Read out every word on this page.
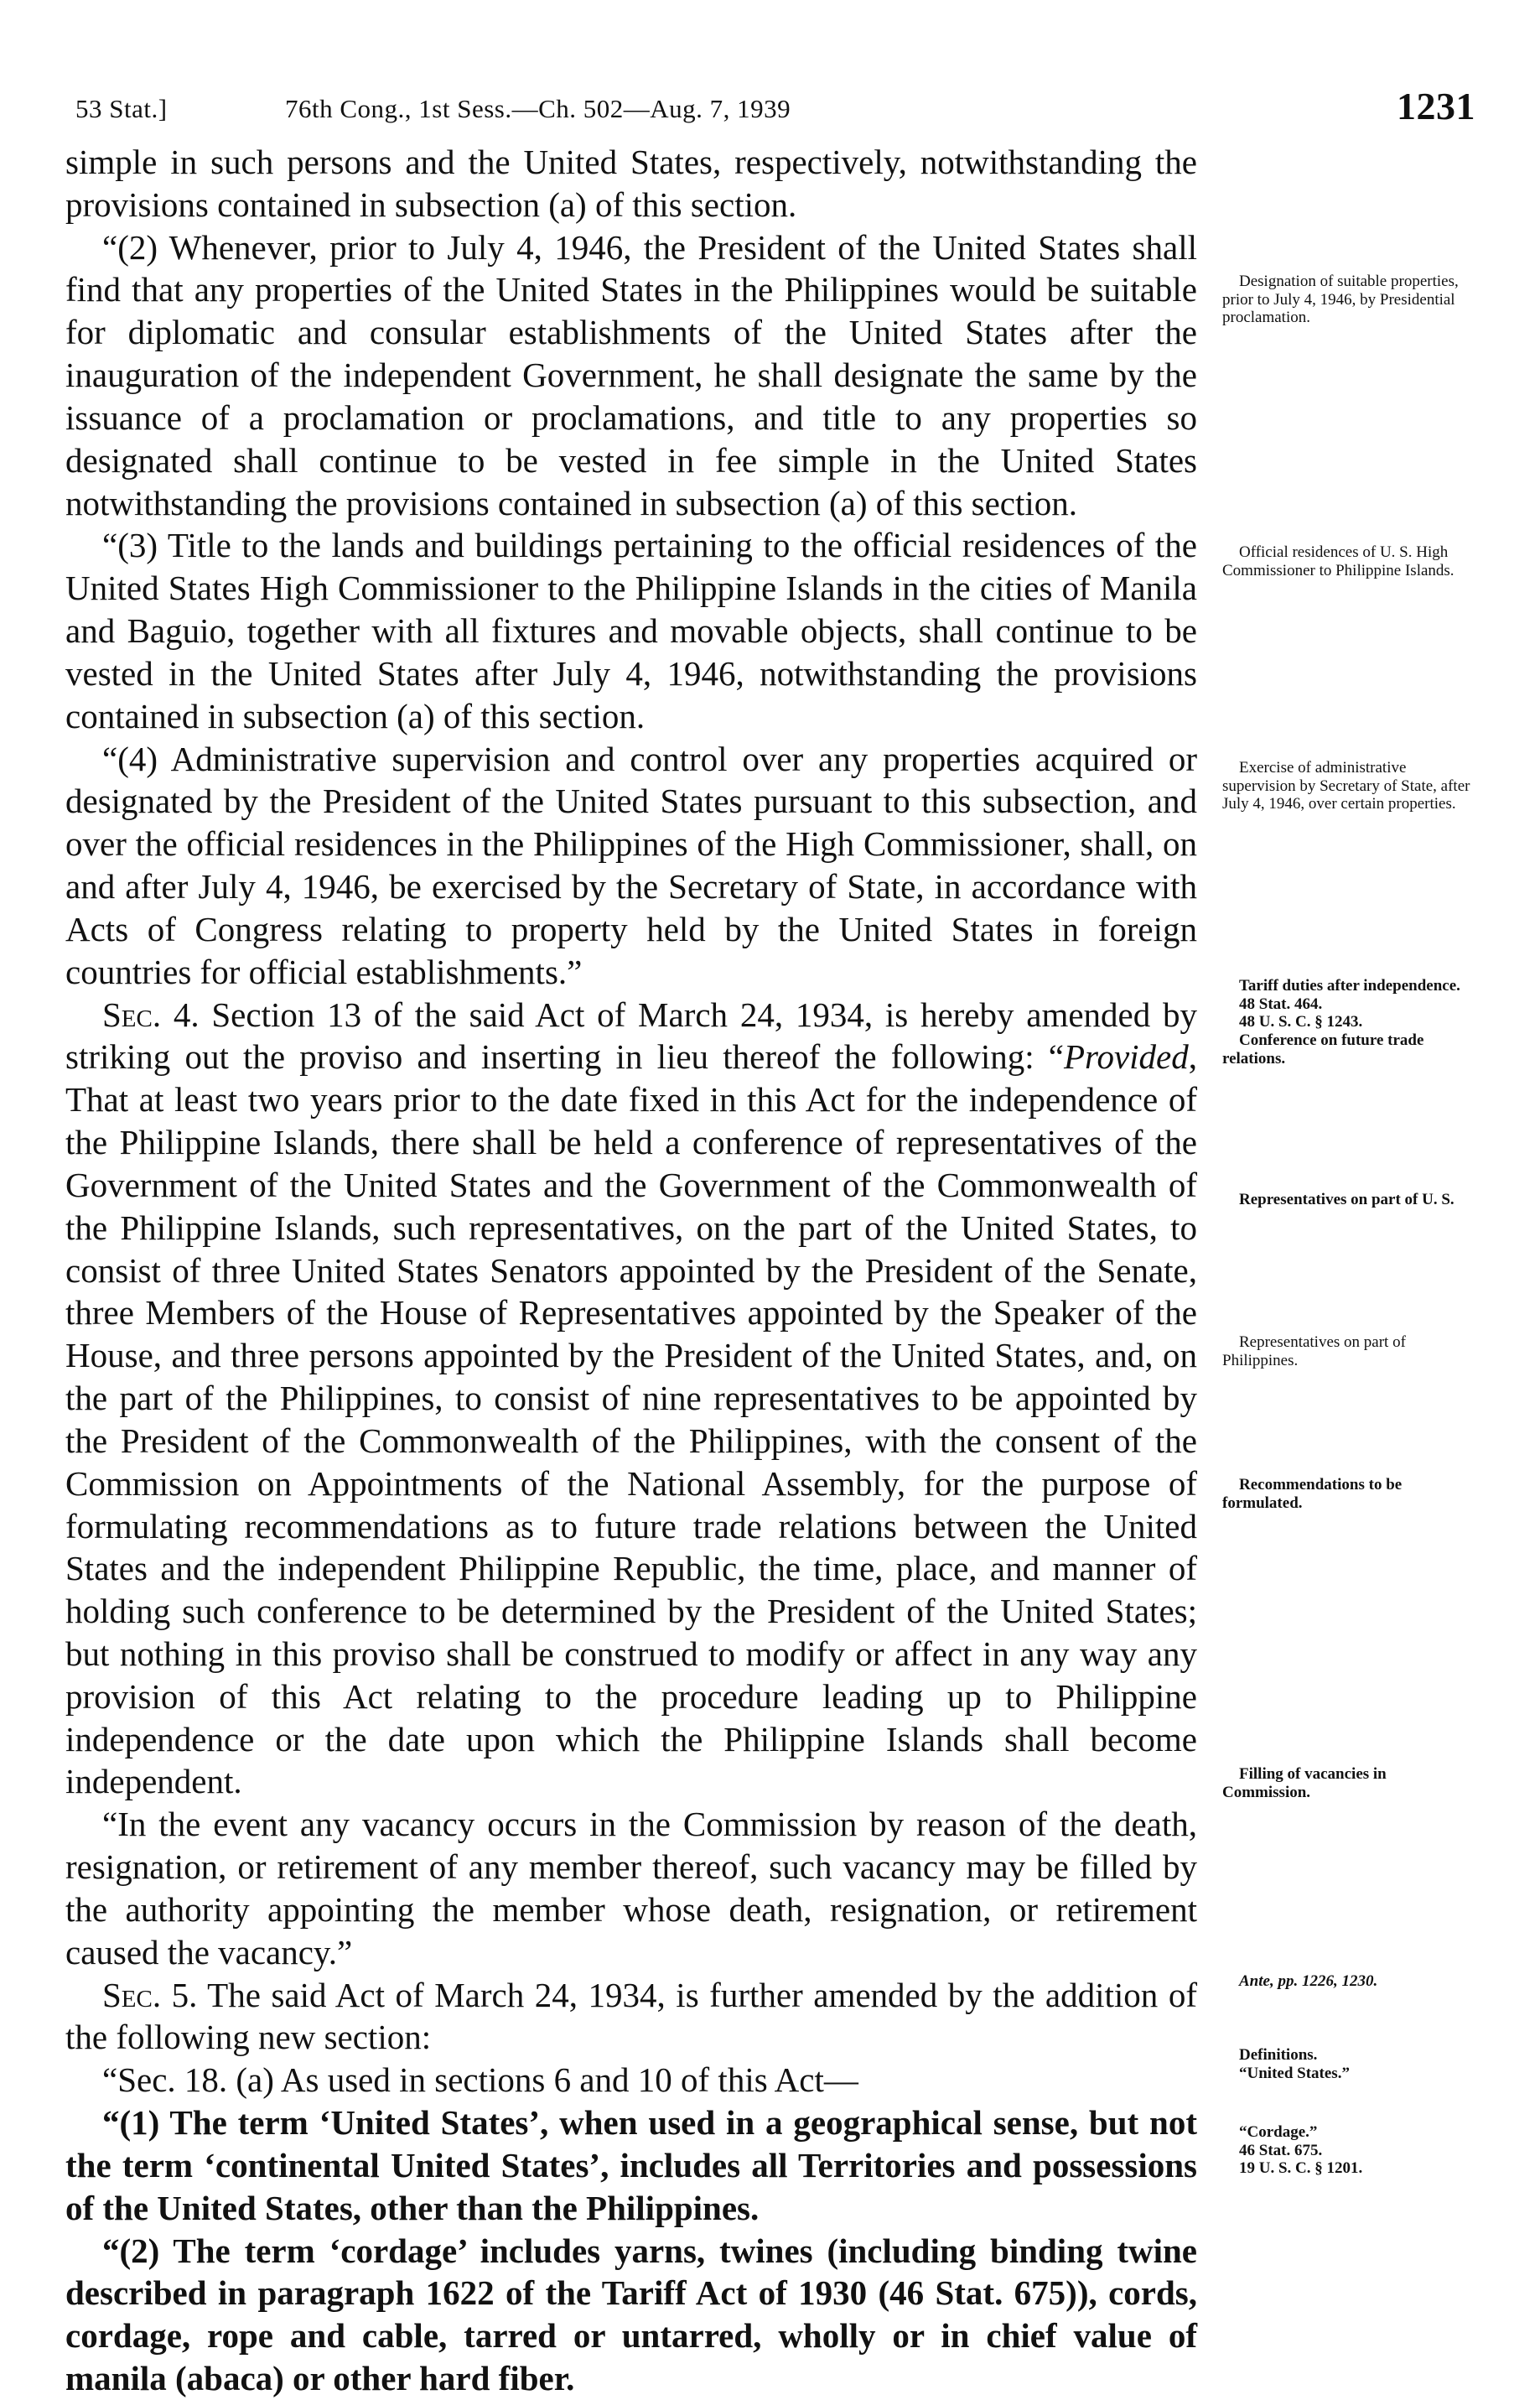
53 Stat.]	76th Cong., 1st Sess.—Ch. 502—Aug. 7, 1939	1231

simple in such persons and the United States, respectively, notwithstanding the provisions contained in subsection (a) of this section.

“(2) Whenever, prior to July 4, 1946, the President of the United States shall find that any properties of the United States in the Philippines would be suitable for diplomatic and consular establishments of the United States after the inauguration of the independent Government, he shall designate the same by the issuance of a proclamation or proclamations, and title to any properties so designated shall continue to be vested in fee simple in the United States notwithstanding the provisions contained in subsection (a) of this section.

“(3) Title to the lands and buildings pertaining to the official residences of the United States High Commissioner to the Philippine Islands in the cities of Manila and Baguio, together with all fixtures and movable objects, shall continue to be vested in the United States after July 4, 1946, notwithstanding the provisions contained in subsection (a) of this section.

“(4) Administrative supervision and control over any properties acquired or designated by the President of the United States pursuant to this subsection, and over the official residences in the Philippines of the High Commissioner, shall, on and after July 4, 1946, be exercised by the Secretary of State, in accordance with Acts of Congress relating to property held by the United States in foreign countries for official establishments.”

Sec. 4. Section 13 of the said Act of March 24, 1934, is hereby amended by striking out the proviso and inserting in lieu thereof the following: “Provided, That at least two years prior to the date fixed in this Act for the independence of the Philippine Islands, there shall be held a conference of representatives of the Government of the United States and the Government of the Commonwealth of the Philippine Islands, such representatives, on the part of the United States, to consist of three United States Senators appointed by the President of the Senate, three Members of the House of Representatives appointed by the Speaker of the House, and three persons appointed by the President of the United States, and, on the part of the Philippines, to consist of nine representatives to be appointed by the President of the Commonwealth of the Philippines, with the consent of the Commission on Appointments of the National Assembly, for the purpose of formulating recommendations as to future trade relations between the United States and the independent Philippine Republic, the time, place, and manner of holding such conference to be determined by the President of the United States; but nothing in this proviso shall be construed to modify or affect in any way any provision of this Act relating to the procedure leading up to Philippine independence or the date upon which the Philippine Islands shall become independent.

“In the event any vacancy occurs in the Commission by reason of the death, resignation, or retirement of any member thereof, such vacancy may be filled by the authority appointing the member whose death, resignation, or retirement caused the vacancy.”

Sec. 5. The said Act of March 24, 1934, is further amended by the addition of the following new section:

“Sec. 18. (a) As used in sections 6 and 10 of this Act—

“(1) The term ‘United States’, when used in a geographical sense, but not the term ‘continental United States’, includes all Territories and possessions of the United States, other than the Philippines.

“(2) The term ‘cordage’ includes yarns, twines (including binding twine described in paragraph 1622 of the Tariff Act of 1930 (46 Stat. 675)), cords, cordage, rope and cable, tarred or untarred, wholly or in chief value of manila (abaca) or other hard fiber.

Designation of suitable properties, prior to July 4, 1946, by Presidential proclamation.
Official residences of U. S. High Commissioner to Philippine Islands.
Exercise of administrative supervision by Secretary of State, after July 4, 1946, over certain properties.
Tariff duties after independence.
48 Stat. 464.
48 U. S. C. § 1243.
Conference on future trade relations.
Representatives on part of U. S.
Representatives on part of Philippines.
Recommendations to be formulated.
Filling of vacancies in Commission.
Ante, pp. 1226, 1230.
Definitions.
“United States.”
“Cordage.”
46 Stat. 675.
19 U. S. C. § 1201.
